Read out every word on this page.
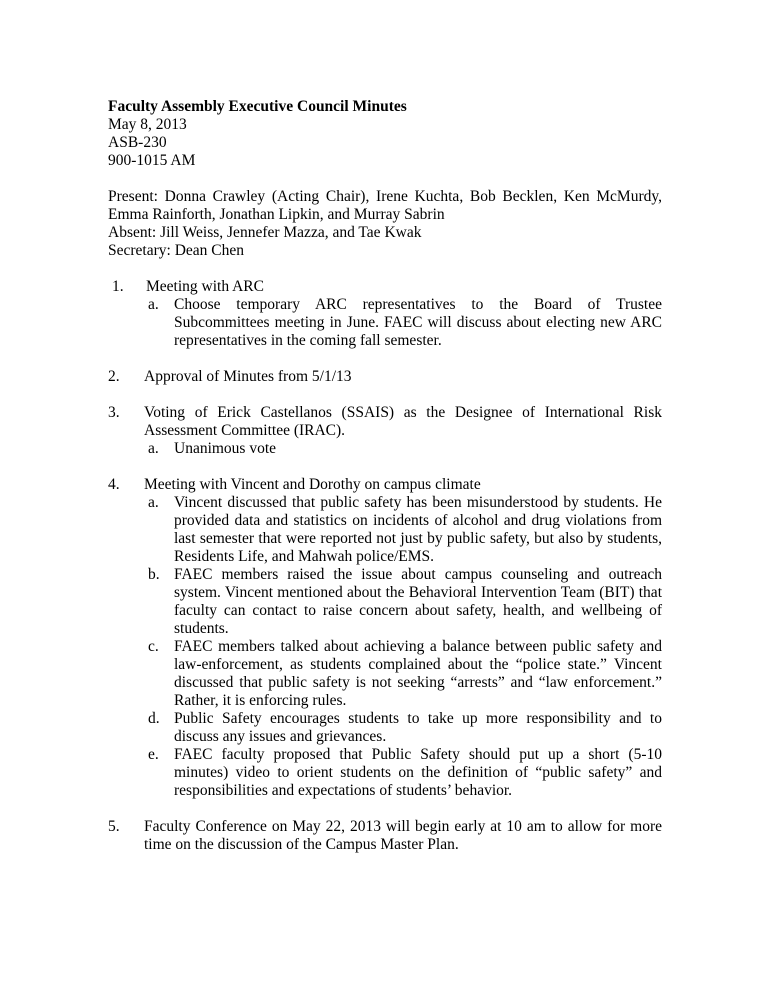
Faculty Assembly Executive Council Minutes

May 8, 2013

ASB-230

900-1015 AM

Present: Donna Crawley (Acting Chair), Irene Kuchta, Bob Becklen, Ken McMurdy, Emma Rainforth, Jonathan Lipkin, and Murray Sabrin

Absent: Jill Weiss, Jennefer Mazza, and Tae Kwak

Secretary: Dean Chen

1. Meeting with ARC
a. Choose temporary ARC representatives to the Board of Trustee Subcommittees meeting in June. FAEC will discuss about electing new ARC representatives in the coming fall semester.
2. Approval of Minutes from 5/1/13
3. Voting of Erick Castellanos (SSAIS) as the Designee of International Risk Assessment Committee (IRAC).
a. Unanimous vote
4. Meeting with Vincent and Dorothy on campus climate
a. Vincent discussed that public safety has been misunderstood by students. He provided data and statistics on incidents of alcohol and drug violations from last semester that were reported not just by public safety, but also by students, Residents Life, and Mahwah police/EMS.
b. FAEC members raised the issue about campus counseling and outreach system. Vincent mentioned about the Behavioral Intervention Team (BIT) that faculty can contact to raise concern about safety, health, and wellbeing of students.
c. FAEC members talked about achieving a balance between public safety and law-enforcement, as students complained about the “police state.” Vincent discussed that public safety is not seeking “arrests” and “law enforcement.” Rather, it is enforcing rules.
d. Public Safety encourages students to take up more responsibility and to discuss any issues and grievances.
e. FAEC faculty proposed that Public Safety should put up a short (5-10 minutes) video to orient students on the definition of “public safety” and responsibilities and expectations of students’ behavior.
5. Faculty Conference on May 22, 2013 will begin early at 10 am to allow for more time on the discussion of the Campus Master Plan.
